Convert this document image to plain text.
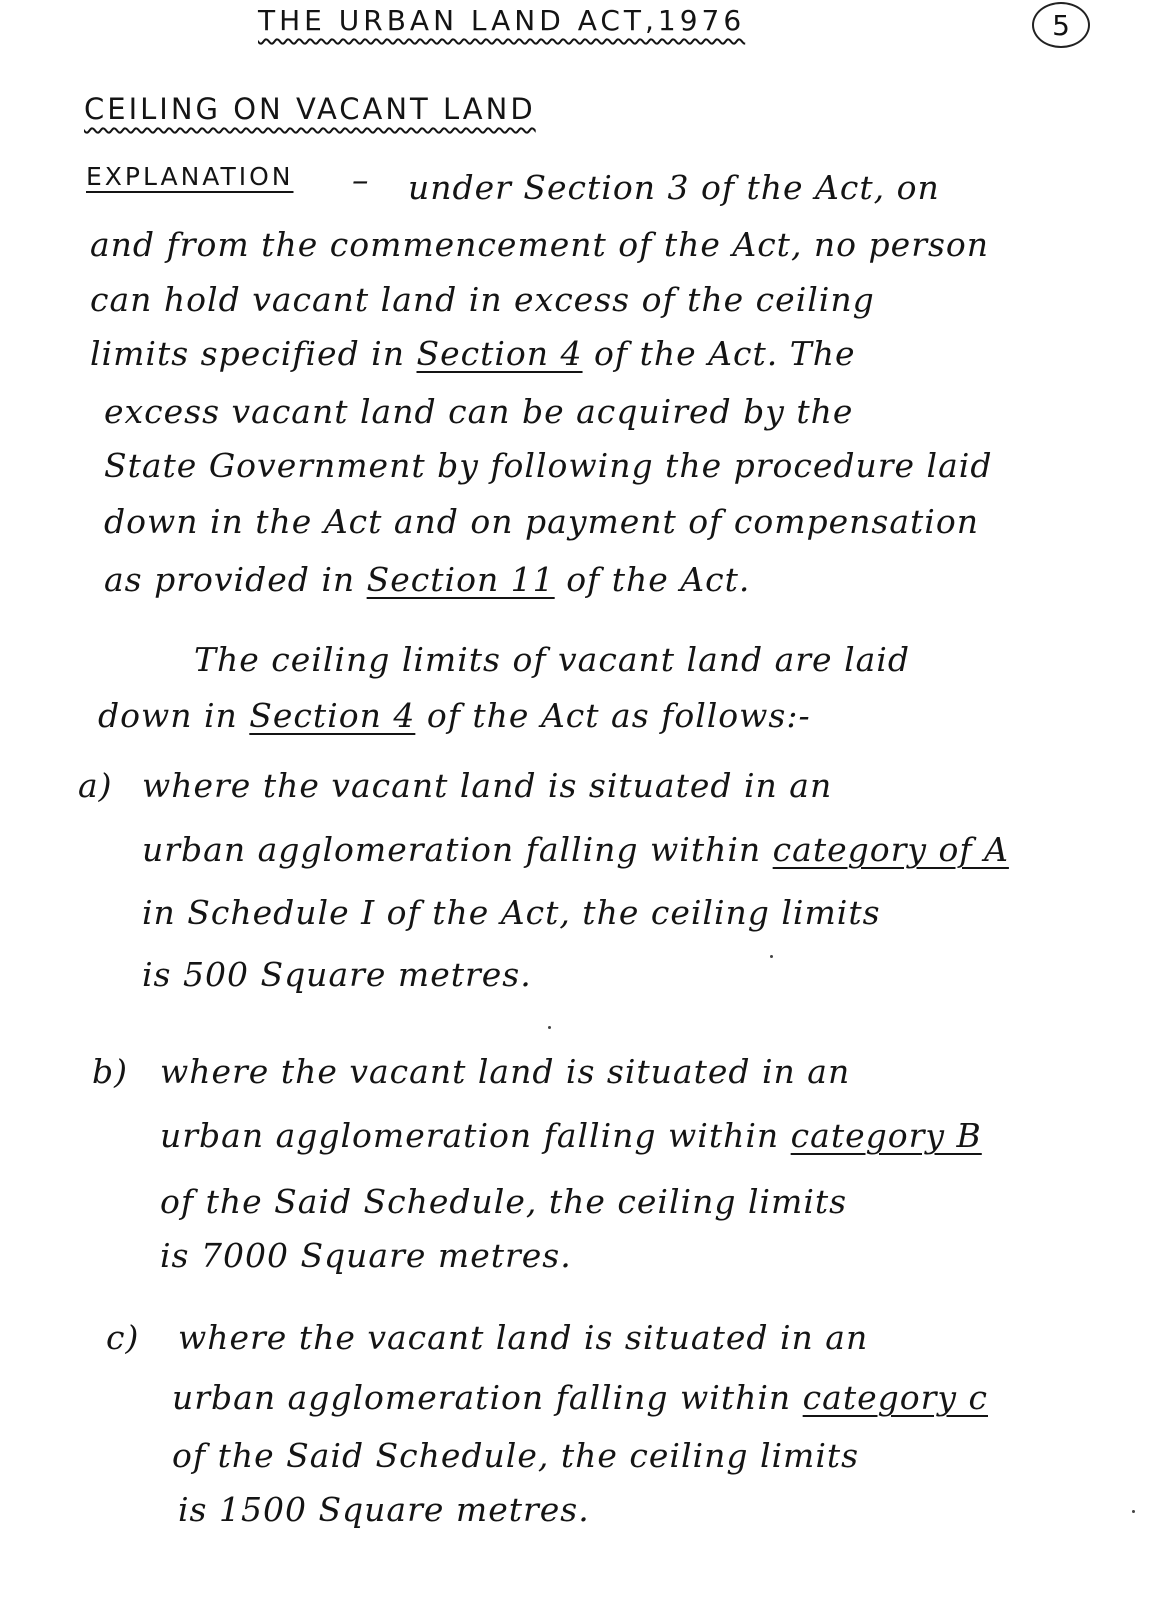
THE URBAN LAND ACT,1976	5
CEILING ON VACANT LAND
EXPLANATION – under Section 3 of the Act, on
and from the commencement of the Act, no person
can hold vacant land in excess of the ceiling
limits specified in Section 4 of the Act. The
excess vacant land can be acquired by the
State Government by following the procedure laid
down in the Act and on payment of compensation
as provided in Section 11 of the Act.
The ceiling limits of vacant land are laid
down in Section 4 of the Act as follows:-
a) where the vacant land is situated in an
urban agglomeration falling within category of A
in Schedule I of the Act, the ceiling limits
is 500 Square metres.
b) where the vacant land is situated in an
urban agglomeration falling within category B
of the Said Schedule, the ceiling limits
is 7000 Square metres.
c) where the vacant land is situated in an
urban agglomeration falling within category c
of the Said Schedule, the ceiling limits
is 1500 Square metres.
